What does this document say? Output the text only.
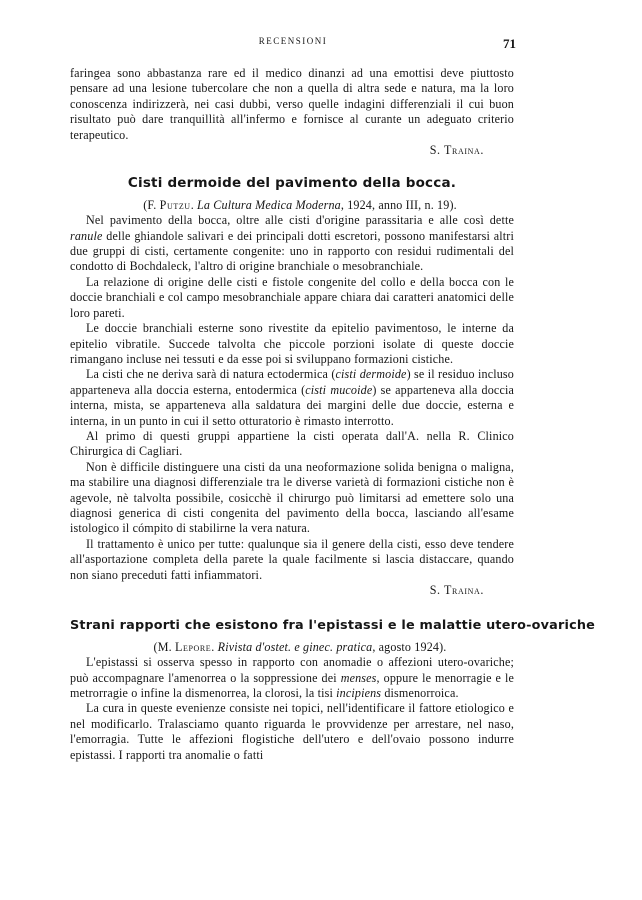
RECENSIONI	71

faringea sono abbastanza rare ed il medico dinanzi ad una emottisi deve piuttosto pensare ad una lesione tubercolare che non a quella di altra sede e natura, ma la loro conoscenza indirizzerà, nei casi dubbi, verso quelle indagini differenziali il cui buon risultato può dare tranquillità all'infermo e fornisce al curante un adeguato criterio terapeutico.

S. Traina.

Cisti dermoide del pavimento della bocca.

(F. Putzu. La Cultura Medica Moderna, 1924, anno III, n. 19).

Nel pavimento della bocca, oltre alle cisti d'origine parassitaria e alle così dette ranule delle ghiandole salivari e dei principali dotti escretori, possono manifestarsi altri due gruppi di cisti, certamente congenite: uno in rapporto con residui rudimentali del condotto di Bochdaleck, l'altro di origine branchiale o mesobranchiale.

La relazione di origine delle cisti e fistole congenite del collo e della bocca con le doccie branchiali e col campo mesobranchiale appare chiara dai caratteri anatomici delle loro pareti.

Le doccie branchiali esterne sono rivestite da epitelio pavimentoso, le interne da epitelio vibratile. Succede talvolta che piccole porzioni isolate di queste doccie rimangano incluse nei tessuti e da esse poi si sviluppano formazioni cistiche.

La cisti che ne deriva sarà di natura ectodermica (cisti dermoide) se il residuo incluso apparteneva alla doccia esterna, entodermica (cisti mucoide) se apparteneva alla doccia interna, mista, se apparteneva alla saldatura dei margini delle due doccie, esterna e interna, in un punto in cui il setto otturatorio è rimasto interrotto.

Al primo di questi gruppi appartiene la cisti operata dall'A. nella R. Clinico Chirurgica di Cagliari.

Non è difficile distinguere una cisti da una neoformazione solida benigna o maligna, ma stabilire una diagnosi differenziale tra le diverse varietà di formazioni cistiche non è agevole, nè talvolta possibile, cosicchè il chirurgo può limitarsi ad emettere solo una diagnosi generica di cisti congenita del pavimento della bocca, lasciando all'esame istologico il cómpito di stabilirne la vera natura.

Il trattamento è unico per tutte: qualunque sia il genere della cisti, esso deve tendere all'asportazione completa della parete la quale facilmente si lascia distaccare, quando non siano preceduti fatti infiammatori.

S. Traina.

Strani rapporti che esistono fra l'epistassi e le malattie utero-ovariche

(M. Lepore. Rivista d'ostet. e ginec. pratica, agosto 1924).

L'epistassi si osserva spesso in rapporto con anomadie o affezioni utero-ovariche; può accompagnare l'amenorrea o la soppressione dei menses, oppure le menorragie e le metrorragie o infine la dismenorrea, la clorosi, la tisi incipiens dismenorroica.

La cura in queste evenienze consiste nei topici, nell'identificare il fattore etiologico e nel modificarlo. Tralasciamo quanto riguarda le provvidenze per arrestare, nel naso, l'emorragia. Tutte le affezioni flogistiche dell'utero e dell'ovaio possono indurre epistassi. I rapporti tra anomalie o fatti
